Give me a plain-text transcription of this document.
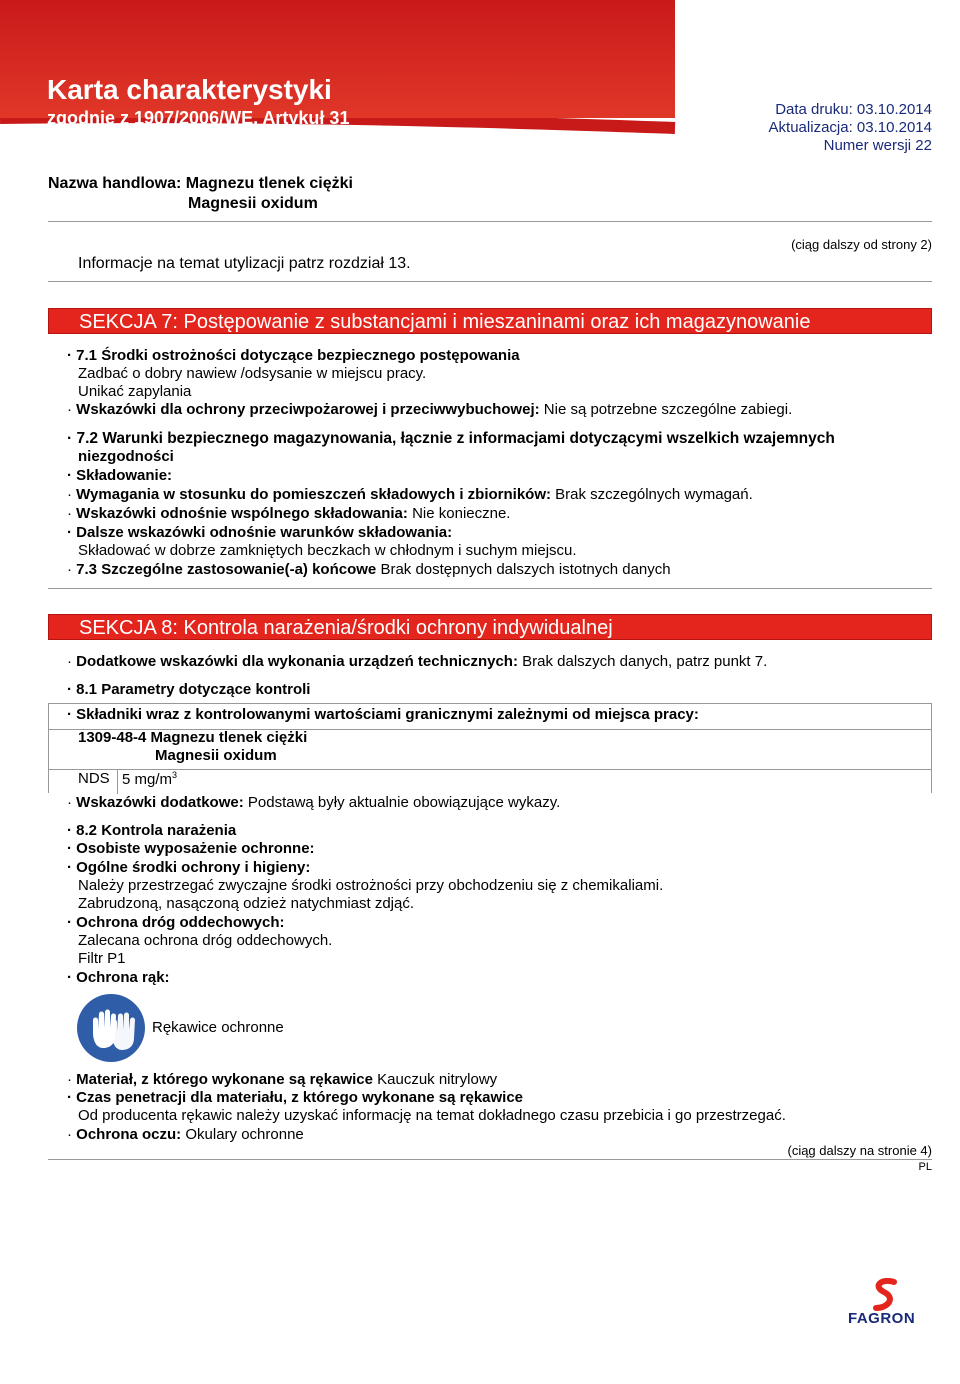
Karta charakterystyki
zgodnie z 1907/2006/WE, Artykuł 31
strona: 3/6
Data druku: 03.10.2014
Aktualizacja: 03.10.2014
Numer wersji 22
Nazwa handlowa: Magnezu tlenek ciężki
Magnesii oxidum
(ciąg dalszy od strony 2)
Informacje na temat utylizacji patrz rozdział 13.
SEKCJA 7: Postępowanie z substancjami i mieszaninami oraz ich magazynowanie
· 7.1 Środki ostrożności dotyczące bezpiecznego postępowania
Zadbać o dobry nawiew /odsysanie w miejscu pracy.
Unikać zapylania
· Wskazówki dla ochrony przeciwpożarowej i przeciwwybuchowej: Nie są potrzebne szczególne zabiegi.
· 7.2 Warunki bezpiecznego magazynowania, łącznie z informacjami dotyczącymi wszelkich wzajemnych
niezgodności
· Składowanie:
· Wymagania w stosunku do pomieszczeń składowych i zbiorników: Brak szczególnych wymagań.
· Wskazówki odnośnie wspólnego składowania: Nie konieczne.
· Dalsze wskazówki odnośnie warunków składowania:
Składować w dobrze zamkniętych beczkach w chłodnym i suchym miejscu.
· 7.3 Szczególne zastosowanie(-a) końcowe Brak dostępnych dalszych istotnych danych
SEKCJA 8: Kontrola narażenia/środki ochrony indywidualnej
· Dodatkowe wskazówki dla wykonania urządzeń technicznych: Brak dalszych danych, patrz punkt 7.
· 8.1 Parametry dotyczące kontroli
· Składniki wraz z kontrolowanymi wartościami granicznymi zależnymi od miejsca pracy:
1309-48-4 Magnezu tlenek ciężki
Magnesii oxidum
NDS 5 $mg/m^3$
· Wskazówki dodatkowe: Podstawą były aktualnie obowiązujące wykazy.
· 8.2 Kontrola narażenia
· Osobiste wyposażenie ochronne:
· Ogólne środki ochrony i higieny:
Należy przestrzegać zwyczajne środki ostrożności przy obchodzeniu się z chemikaliami.
Zabrudzoną, nasączoną odzież natychmiast zdjąć.
· Ochrona dróg oddechowych:
Zalecana ochrona dróg oddechowych.
Filtr P1
· Ochrona rąk:
Rękawice ochronne
· Materiał, z którego wykonane są rękawice Kauczuk nitrylowy
· Czas penetracji dla materiału, z którego wykonane są rękawice
Od producenta rękawic należy uzyskać informację na temat dokładnego czasu przebicia i go przestrzegać.
· Ochrona oczu: Okulary ochronne
(ciąg dalszy na stronie 4)
PL
FAGRON
